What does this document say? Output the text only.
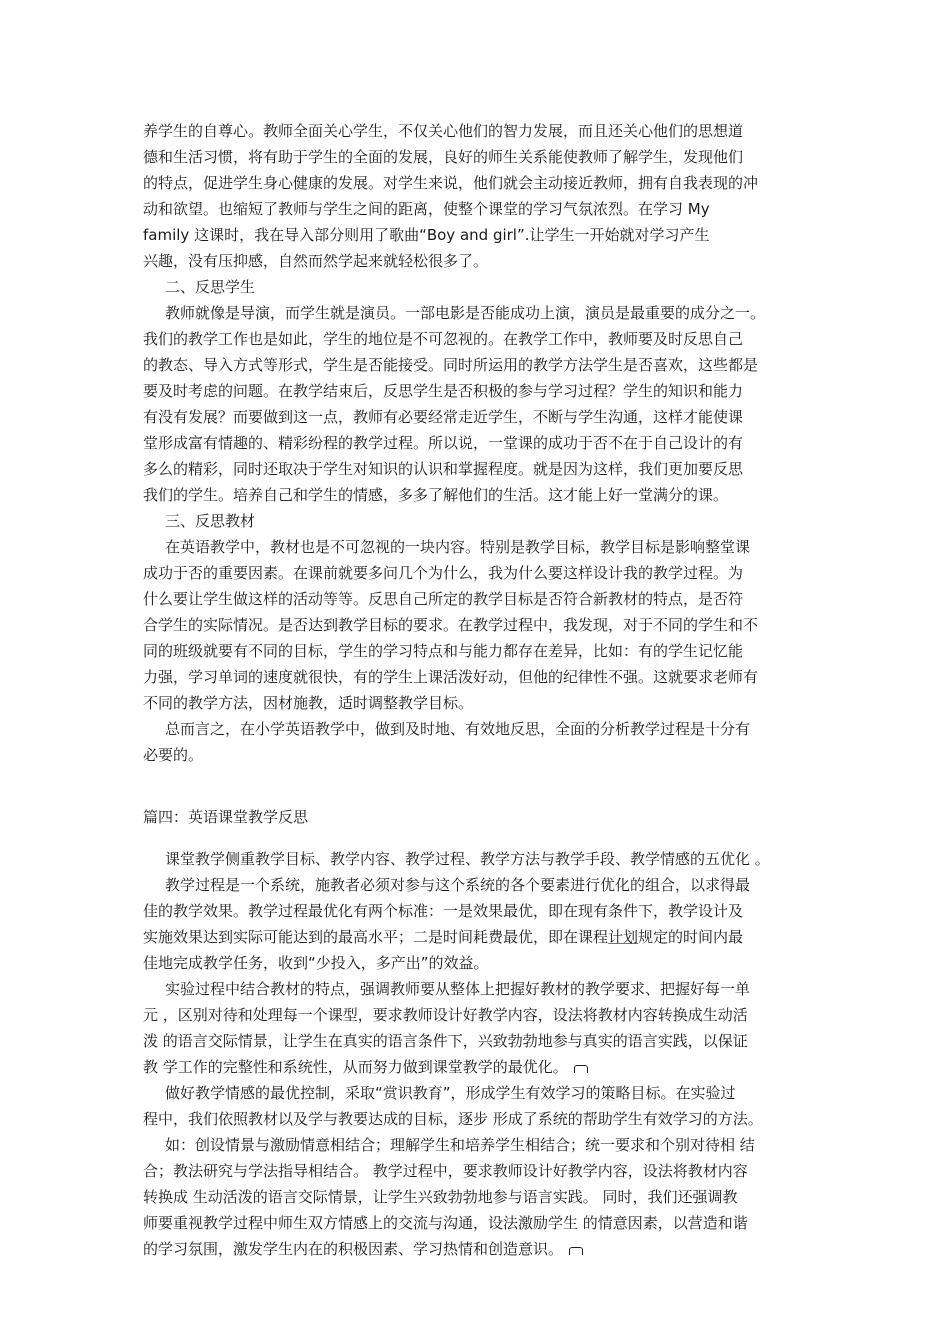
养学生的自尊心。教师全面关心学生，不仅关心他们的智力发展，而且还关心他们的思想道

德和生活习惯，将有助于学生的全面的发展，良好的师生关系能使教师了解学生，发现他们

的特点，促进学生身心健康的发展。对学生来说，他们就会主动接近教师，拥有自我表现的冲

动和欲望。也缩短了教师与学生之间的距离，使整个课堂的学习气氛浓烈。在学习 My

family 这课时，我在导入部分则用了歌曲“Boy and girl”.让学生一开始就对学习产生

兴趣，没有压抑感，自然而然学起来就轻松很多了。

二、反思学生

教师就像是导演，而学生就是演员。一部电影是否能成功上演，演员是最重要的成分之一。

我们的教学工作也是如此，学生的地位是不可忽视的。在教学工作中，教师要及时反思自己

的教态、导入方式等形式，学生是否能接受。同时所运用的教学方法学生是否喜欢，这些都是

要及时考虑的问题。在教学结束后，反思学生是否积极的参与学习过程？学生的知识和能力

有没有发展？而要做到这一点，教师有必要经常走近学生，不断与学生沟通，这样才能使课

堂形成富有情趣的、精彩纷程的教学过程。所以说，一堂课的成功于否不在于自己设计的有

多么的精彩，同时还取决于学生对知识的认识和掌握程度。就是因为这样，我们更加要反思

我们的学生。培养自己和学生的情感，多多了解他们的生活。这才能上好一堂满分的课。

三、反思教材

在英语教学中，教材也是不可忽视的一块内容。特别是教学目标，教学目标是影响整堂课

成功于否的重要因素。在课前就要多问几个为什么，我为什么要这样设计我的教学过程。为

什么要让学生做这样的活动等等。反思自己所定的教学目标是否符合新教材的特点，是否符

合学生的实际情况。是否达到教学目标的要求。在教学过程中，我发现，对于不同的学生和不

同的班级就要有不同的目标，学生的学习特点和与能力都存在差异，比如：有的学生记忆能

力强，学习单词的速度就很快，有的学生上课活泼好动，但他的纪律性不强。这就要求老师有

不同的教学方法，因材施教，适时调整教学目标。

总而言之，在小学英语教学中，做到及时地、有效地反思，全面的分析教学过程是十分有

必要的。

篇四：英语课堂教学反思

课堂教学侧重教学目标、教学内容、教学过程、教学方法与教学手段、教学情感的五优化 。

教学过程是一个系统，施教者必须对参与这个系统的各个要素进行优化的组合，以求得最

佳的教学效果。教学过程最优化有两个标准：一是效果最优，即在现有条件下，教学设计及

实施效果达到实际可能达到的最高水平；二是时间耗费最优，即在课程计划规定的时间内最

佳地完成教学任务，收到“少投入，多产出”的效益。

实验过程中结合教材的特点，强调教师要从整体上把握好教材的教学要求、把握好每一单

元 ，区别对待和处理每一个课型，要求教师设计好教学内容，设法将教材内容转换成生动活

泼 的语言交际情景，让学生在真实的语言条件下，兴致勃勃地参与真实的语言实践，以保证

教 学工作的完整性和系统性，从而努力做到课堂教学的最优化。

做好教学情感的最优控制，采取“赏识教育”，形成学生有效学习的策略目标。在实验过

程中，我们依照教材以及学与教要达成的目标，逐步 形成了系统的帮助学生有效学习的方法。

如：创设情景与激励情意相结合；理解学生和培养学生相结合；统一要求和个别对待相 结

合；教法研究与学法指导相结合。 教学过程中，要求教师设计好教学内容，设法将教材内容

转换成 生动活泼的语言交际情景，让学生兴致勃勃地参与语言实践。 同时，我们还强调教

师要重视教学过程中师生双方情感上的交流与沟通，设法激励学生 的情意因素，以营造和谐

的学习氛围，激发学生内在的积极因素、学习热情和创造意识。
